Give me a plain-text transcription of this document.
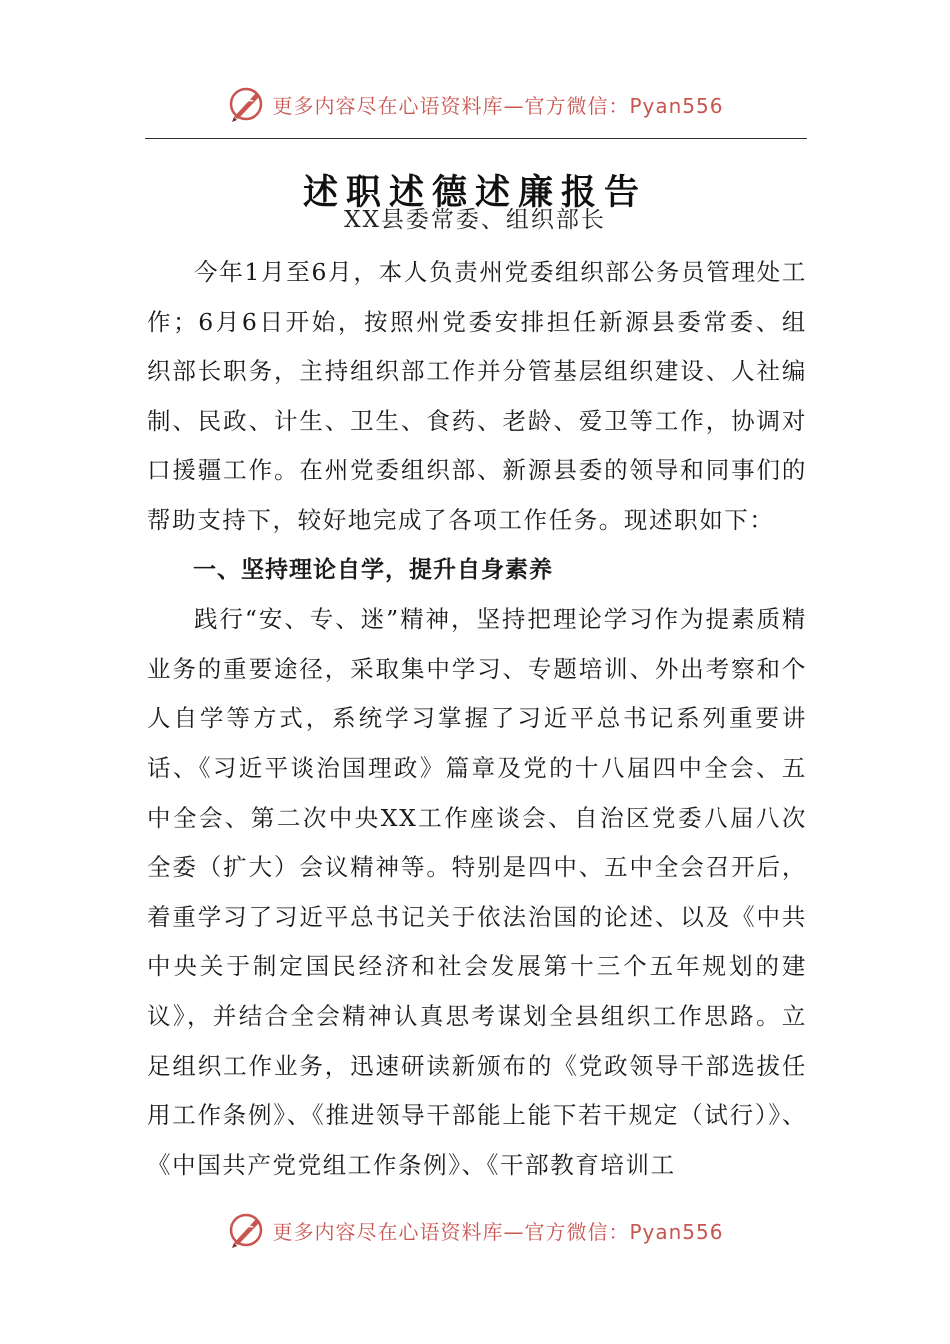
更多内容尽在心语资料库—官方微信：Pyan556
述职述德述廉报告
XX县委常委、组织部长

今年1月至6月，本人负责州党委组织部公务员管理处工作；6月6日开始，按照州党委安排担任新源县委常委、组织部长职务，主持组织部工作并分管基层组织建设、人社编制、民政、计生、卫生、食药、老龄、爱卫等工作，协调对口援疆工作。在州党委组织部、新源县委的领导和同事们的帮助支持下，较好地完成了各项工作任务。现述职如下：

一、坚持理论自学，提升自身素养

践行“安、专、迷”精神，坚持把理论学习作为提素质精业务的重要途径，采取集中学习、专题培训、外出考察和个人自学等方式，系统学习掌握了习近平总书记系列重要讲话、《习近平谈治国理政》篇章及党的十八届四中全会、五中全会、第二次中央XX工作座谈会、自治区党委八届八次全委（扩大）会议精神等。特别是四中、五中全会召开后，着重学习了习近平总书记关于依法治国的论述、以及《中共中央关于制定国民经济和社会发展第十三个五年规划的建议》，并结合全会精神认真思考谋划全县组织工作思路。立足组织工作业务，迅速研读新颁布的《党政领导干部选拔任用工作条例》、《推进领导干部能上能下若干规定（试行）》、《中国共产党党组工作条例》、《干部教育培训工

更多内容尽在心语资料库—官方微信：Pyan556
